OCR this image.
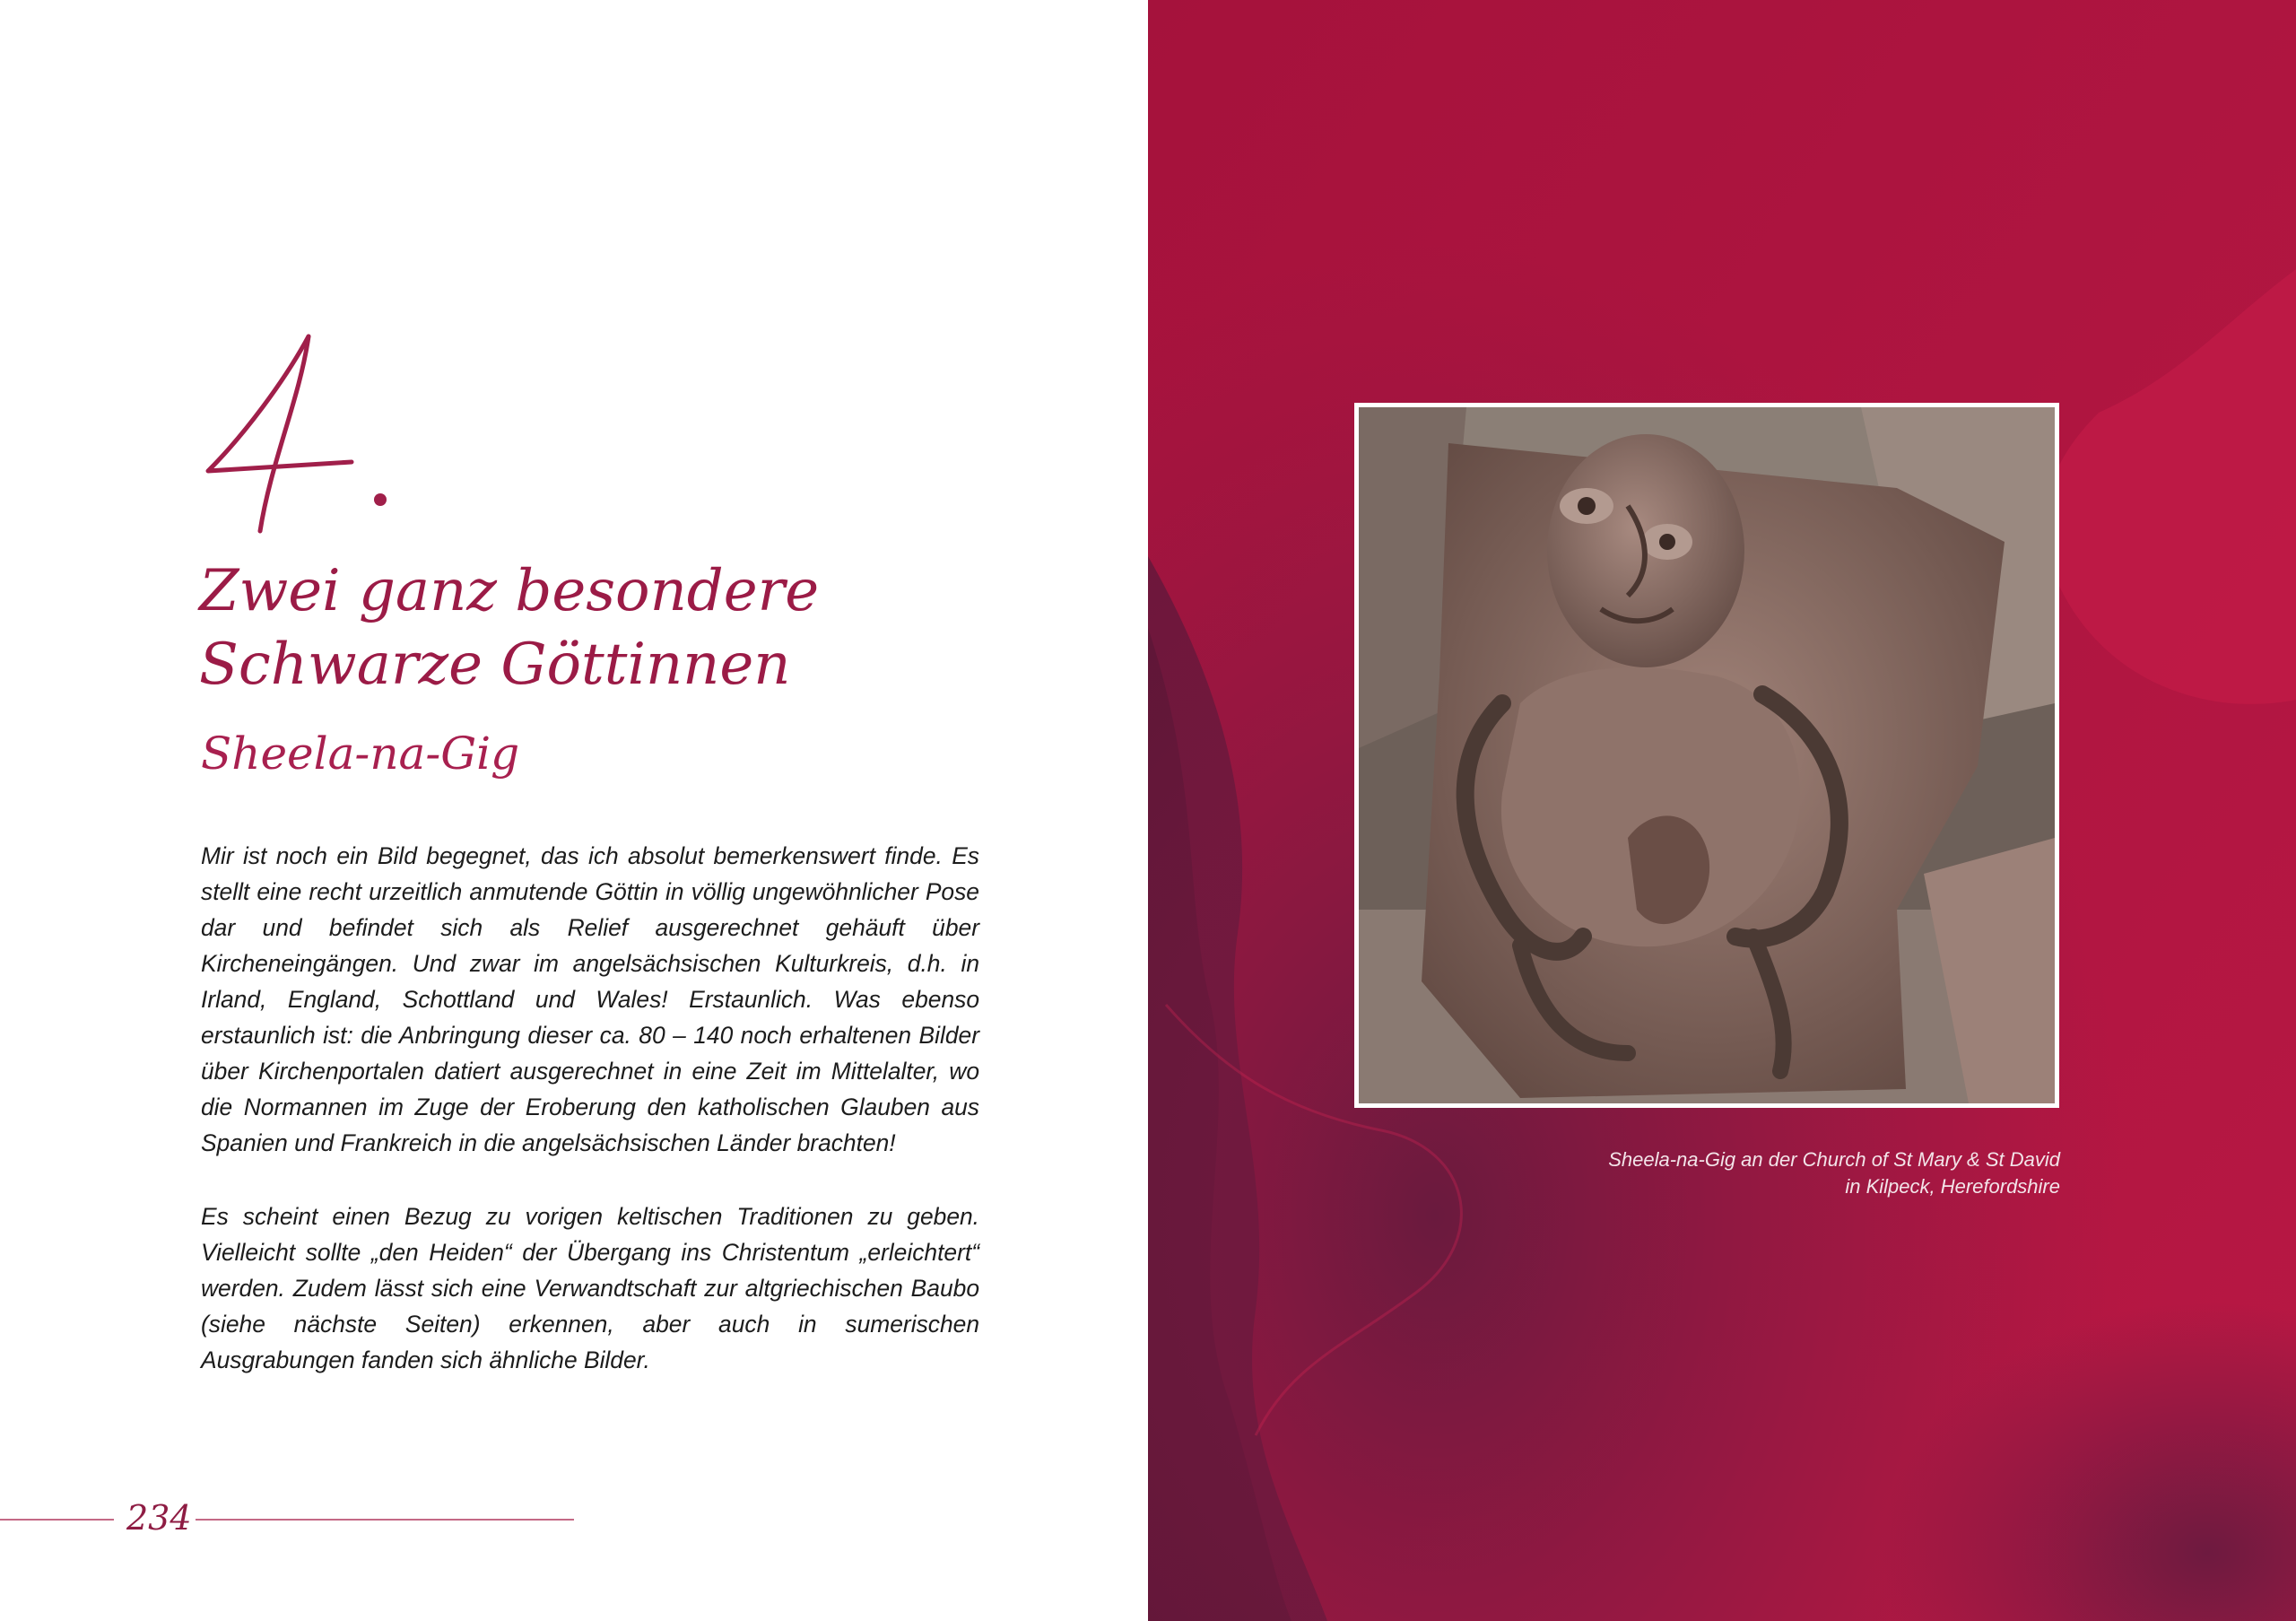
Zwei ganz besondere
Schwarze Göttinnen
Sheela-na-Gig

Mir ist noch ein Bild begegnet, das ich absolut bemerkenswert finde. Es stellt eine recht urzeitlich anmutende Göttin in völlig ungewöhnlicher Pose dar und befindet sich als Relief ausgerechnet gehäuft über Kircheneingängen. Und zwar im angelsächsischen Kulturkreis, d.h. in Irland, England, Schottland und Wales! Erstaunlich. Was ebenso erstaunlich ist: die Anbringung dieser ca. 80 – 140 noch erhaltenen Bilder über Kirchenportalen datiert ausgerechnet in eine Zeit im Mittelalter, wo die Normannen im Zuge der Eroberung den katholischen Glauben aus Spanien und Frankreich in die angelsächsischen Länder brachten!

Es scheint einen Bezug zu vorigen keltischen Traditionen zu geben. Vielleicht sollte „den Heiden“ der Übergang ins Christentum „erleichtert“ werden. Zudem lässt sich eine Verwandtschaft zur altgriechischen Baubo (siehe nächste Seiten) erkennen, aber auch in sumerischen Ausgrabungen fanden sich ähnliche Bilder.

234

Sheela-na-Gig an der Church of St Mary & St David
in Kilpeck, Herefordshire
